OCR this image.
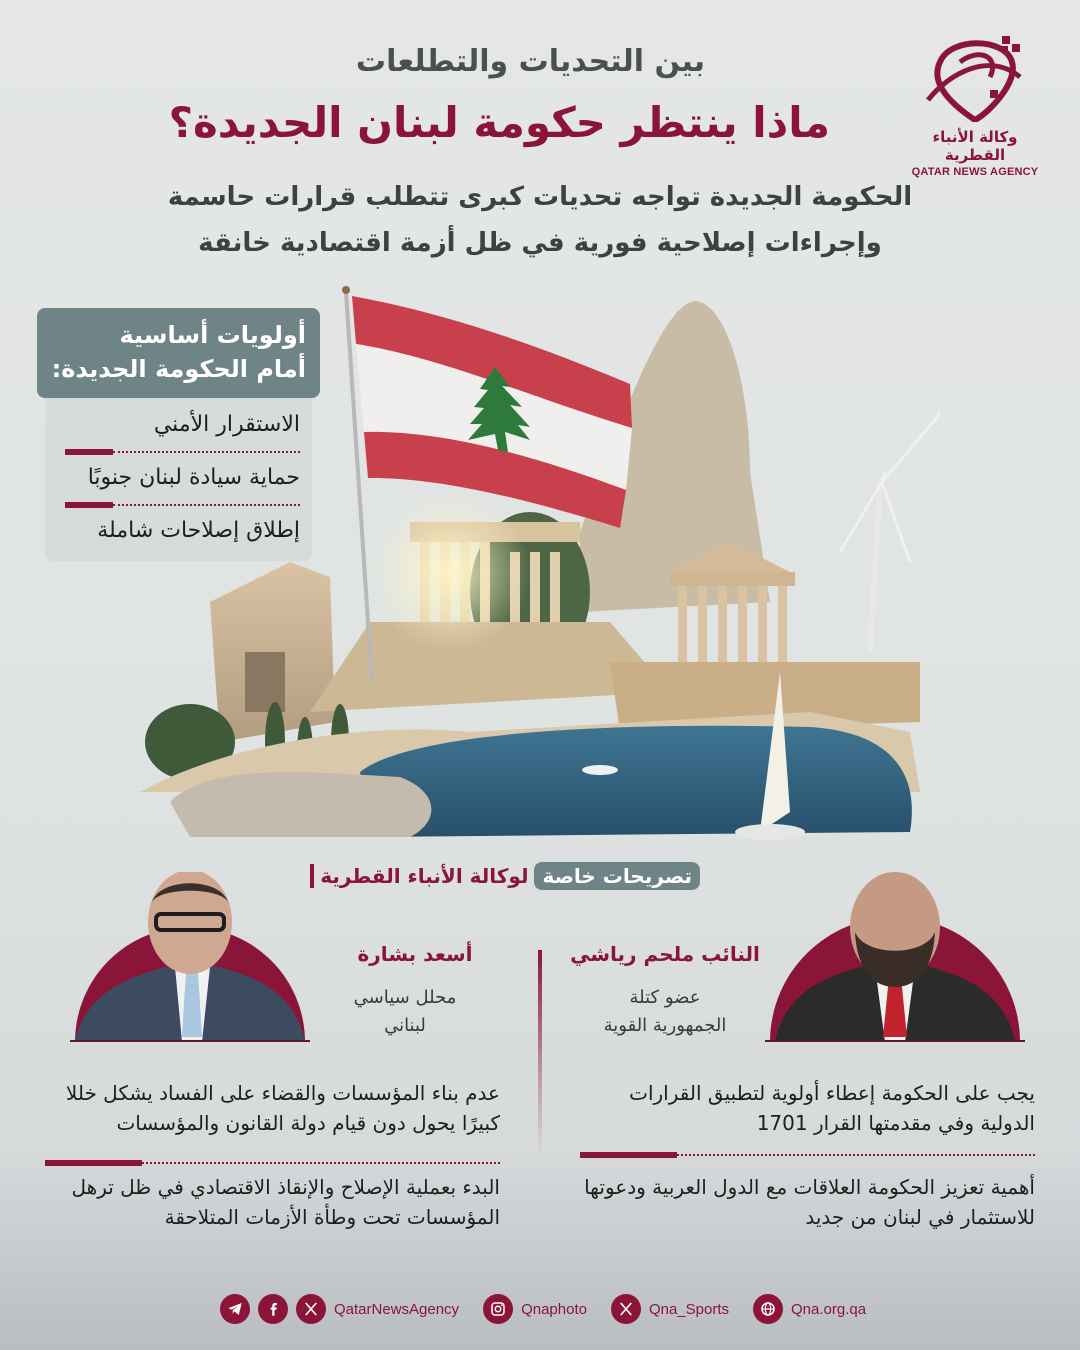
بين التحديات والتطلعات
ماذا ينتظر حكومة لبنان الجديدة؟
الحكومة الجديدة تواجه تحديات كبرى تتطلب قرارات حاسمة
وإجراءات إصلاحية فورية في ظل أزمة اقتصادية خانقة
وكالة الأنباء القطرية
QATAR NEWS AGENCY
أولويات أساسية
أمام الحكومة الجديدة:
الاستقرار الأمني
حماية سيادة لبنان جنوبًا
إطلاق إصلاحات شاملة
تصريحات خاصة
لوكالة الأنباء القطرية
النائب ملحم رياشي
عضو كتلة
الجمهورية القوية
أسعد بشارة
محلل سياسي
لبناني
يجب على الحكومة إعطاء أولوية لتطبيق القرارات الدولية وفي مقدمتها القرار 1701
أهمية تعزيز الحكومة العلاقات مع الدول العربية ودعوتها للاستثمار في لبنان من جديد
عدم بناء المؤسسات والقضاء على الفساد يشكل خللا كبيرًا يحول دون قيام دولة القانون والمؤسسات
البدء بعملية الإصلاح والإنقاذ الاقتصادي في ظل ترهل المؤسسات تحت وطأة الأزمات المتلاحقة
QatarNewsAgency	Qnaphoto	Qna_Sports	Qna.org.qa
